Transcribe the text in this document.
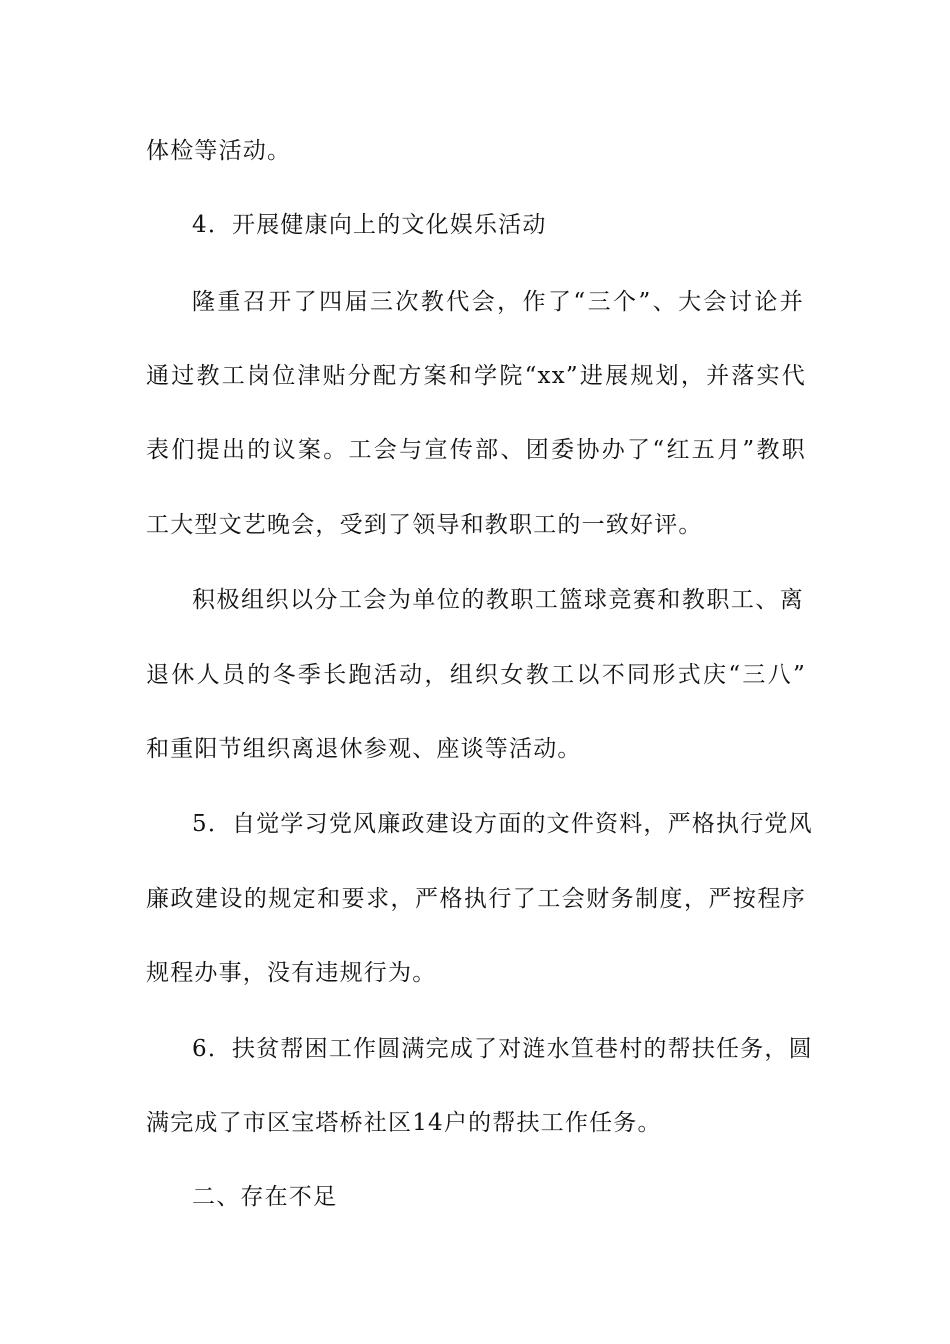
体检等活动。
4．开展健康向上的文化娱乐活动
隆重召开了四届三次教代会，作了“三个”、大会讨论并
通过教工岗位津贴分配方案和学院“xx”进展规划，并落实代
表们提出的议案。工会与宣传部、团委协办了“红五月”教职
工大型文艺晚会，受到了领导和教职工的一致好评。
积极组织以分工会为单位的教职工篮球竞赛和教职工、离
退休人员的冬季长跑活动，组织女教工以不同形式庆“三八”
和重阳节组织离退休参观、座谈等活动。
5．自觉学习党风廉政建设方面的文件资料，严格执行党风
廉政建设的规定和要求，严格执行了工会财务制度，严按程序
规程办事，没有违规行为。
6．扶贫帮困工作圆满完成了对涟水笪巷村的帮扶任务，圆
满完成了市区宝塔桥社区14户的帮扶工作任务。
二、存在不足
